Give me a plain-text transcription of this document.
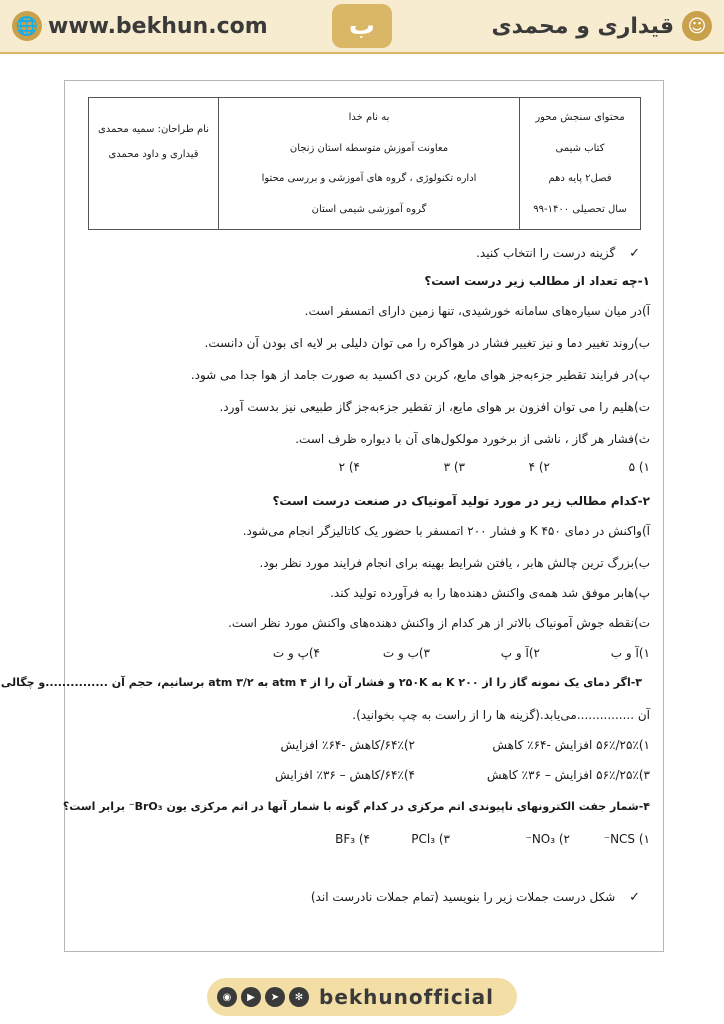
🌐 www.bekhun.com	ب	☺
قیداری و محمدی
نام طراحان: سمیه محمدی
قیداری و داود محمدی
به نام خدا
معاونت آموزش متوسطه استان زنجان
اداره تکنولوژی ، گروه های آموزشی و بررسی محتوا
گروه آموزشی شیمی استان
محتوای سنجش محور
کتاب شیمی
فصل۲ پایه دهم
سال تحصیلی ۱۴۰۰-۹۹
✓ گزینه درست را انتخاب کنید.
۱-چه تعداد از مطالب زیر درست است؟
آ)در میان سیاره‌های سامانه خورشیدی، تنها زمین دارای اتمسفر است.
ب)روند تغییر دما و نیز تغییر فشار در هواکره را می توان دلیلی بر لایه ای بودن آن دانست.
پ)در فرایند تقطیر جزءبه‌جز هوای مایع، کربن دی اکسید به صورت جامد از هوا جدا می شود.
ت)هلیم را می توان افزون بر هوای مایع، از تقطیر جزءبه‌جز گاز طبیعی نیز بدست آورد.
ث)فشار هر گاز ، ناشی از برخورد مولکول‌های آن با دیواره ظرف است.
۱) ۵
۲) ۴
۳) ۳
۴) ۲
۲-کدام مطالب زیر در مورد تولید آمونیاک در صنعت درست است؟
آ)واکنش در دمای ۴۵۰ K و فشار ۲۰۰ اتمسفر با حضور یک کاتالیزگر انجام می‌شود.
ب)بزرگ ترین چالش هابر ، یافتن شرایط بهینه برای انجام فرایند مورد نظر بود.
پ)هابر موفق شد همه‌ی واکنش دهنده‌ها را به فرآورده تولید کند.
ت)نقطه جوش آمونیاک بالاتر از هر کدام از واکنش دهنده‌های واکنش مورد نظر است.
۱)آ و ب
۲)آ و پ
۳)ب و ت
۴)پ و ت
۳-اگر دمای یک نمونه گاز را از ۲۰۰ K به ۲۵۰K و فشار آن را از ۴ atm به ۳/۲ atm برسانیم، حجم آن ...............و چگالی
آن ...............می‌یابد.(گزینه ها را از راست به چپ بخوانید).
۱)۲۵٪/۵۶٪ افزایش -۶۴٪ کاهش
۲)۶۴٪/کاهش -۶۴٪ افزایش
۳)۲۵٪/۵۶٪ افزایش – ۳۶٪ کاهش
۴)۶۴٪/کاهش – ۳۶٪ افزایش
۴-شمار جفت الکترونهای ناپیوندی اتم مرکزی در کدام گونه با شمار آنها در اتم مرکزی یون BrO₃⁻ برابر است؟
۱) NCS⁻
۲) NO₃⁻
۳) PCl₃
۴) BF₃
✓ شکل درست جملات زیر را بنویسید (تمام جملات نادرست اند)
◉	▶	➤	✻ bekhunofficial
